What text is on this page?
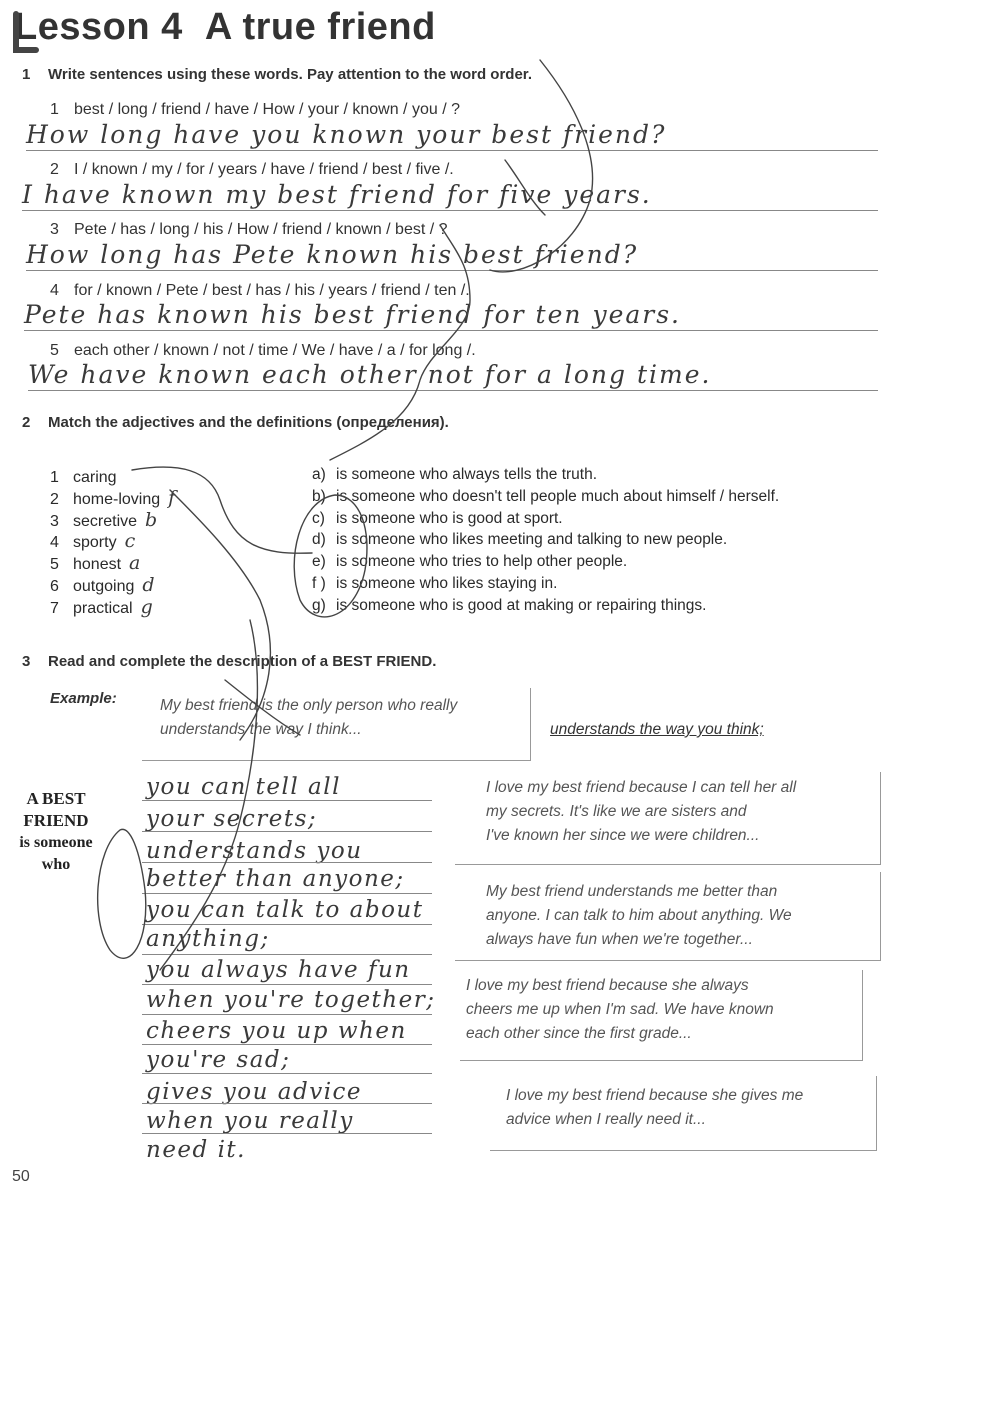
Lesson 4 A true friend
1 Write sentences using these words. Pay attention to the word order.
1 best / long / friend / have / How / your / known / you / ?
How long have you known your best friend?
2 I / known / my / for / years / have / friend / best / five /.
I have known my best friend for five years.
3 Pete / has / long / his / How / friend / known / best / ?
How long has Pete known his best friend?
4 for / known / Pete / best / has / his / years / friend / ten /.
Pete has known his best friend for ten years.
5 each other / known / not / time / We / have / a / for long /.
We have known each other not for a long time.
2 Match the adjectives and the definitions (определения).
1 caring
2 home-loving f
3 secretive b
4 sporty c
5 honest a
6 outgoing d
7 practical g
a) is someone who always tells the truth.
b) is someone who doesn't tell people much about himself / herself.
c) is someone who is good at sport.
d) is someone who likes meeting and talking to new people.
e) is someone who tries to help other people.
f ) is someone who likes staying in.
g) is someone who is good at making or repairing things.
3 Read and complete the description of a BEST FRIEND.
Example:	My best friend is the only person who really
understands the way I think...	understands the way you think;
A BEST
FRIEND
is someone
who
you can tell all
your secrets;
understands you
better than anyone;
you can talk to about
anything;
you always have fun
when you're together;
cheers you up when
you're sad;
gives you advice
when you really
need it.
I love my best friend because I can tell her all
my secrets. It's like we are sisters and
I've known her since we were children...
My best friend understands me better than
anyone. I can talk to him about anything. We
always have fun when we're together...
I love my best friend because she always
cheers me up when I'm sad. We have known
each other since the first grade...
I love my best friend because she gives me
advice when I really need it...
50
